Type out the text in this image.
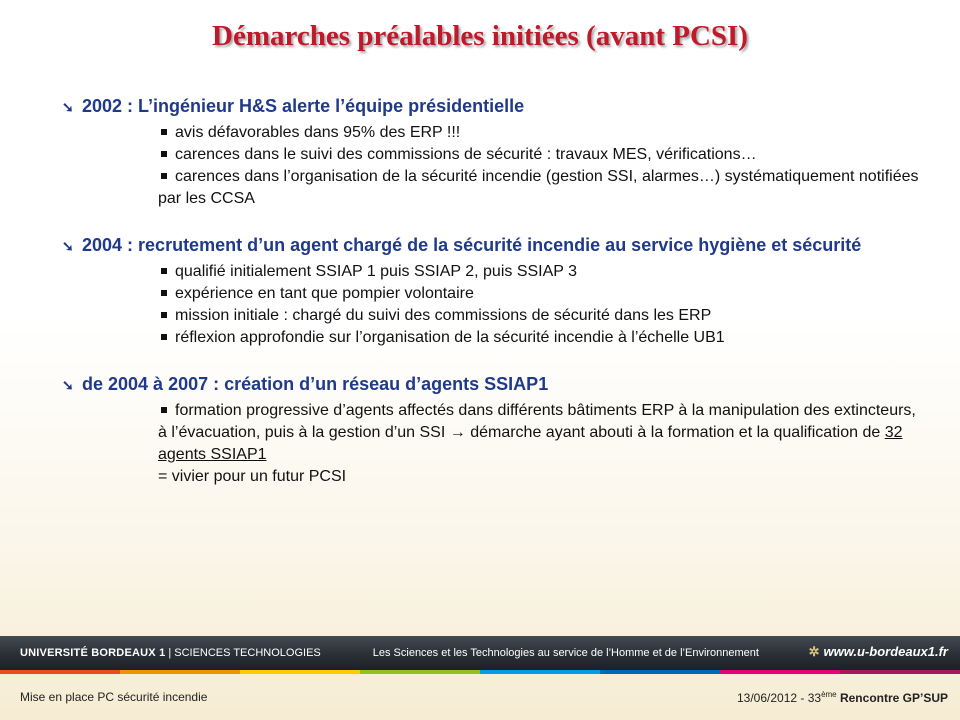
Démarches préalables initiées (avant PCSI)
➘ 2002 : L’ingénieur H&S alerte l’équipe présidentielle
avis défavorables dans 95% des ERP !!!
carences dans le suivi des commissions de sécurité : travaux MES, vérifications…
carences dans l’organisation de la sécurité incendie (gestion SSI, alarmes…) systématiquement notifiées par les CCSA
➘ 2004 : recrutement d’un agent chargé de la sécurité incendie au service hygiène et sécurité
qualifié initialement SSIAP 1 puis SSIAP 2, puis SSIAP 3
expérience en tant que pompier volontaire
mission initiale : chargé du suivi des commissions de sécurité dans les ERP
réflexion approfondie sur l’organisation de la sécurité incendie à l’échelle UB1
➘ de 2004 à 2007 : création d’un réseau d’agents SSIAP1
formation progressive d’agents affectés dans différents bâtiments ERP à la manipulation des extincteurs, à l’évacuation, puis à la gestion d’un SSI → démarche ayant abouti à la formation et la qualification de 32 agents SSIAP1
= vivier pour un futur PCSI
UNIVERSITÉ BORDEAUX 1 | SCIENCES TECHNOLOGIES	Les Sciences et les Technologies au service de l’Homme et de l’Environnement	✲ www.u-bordeaux1.fr
Mise en place PC sécurité incendie	13/06/2012 - 33ème Rencontre GP’SUP
